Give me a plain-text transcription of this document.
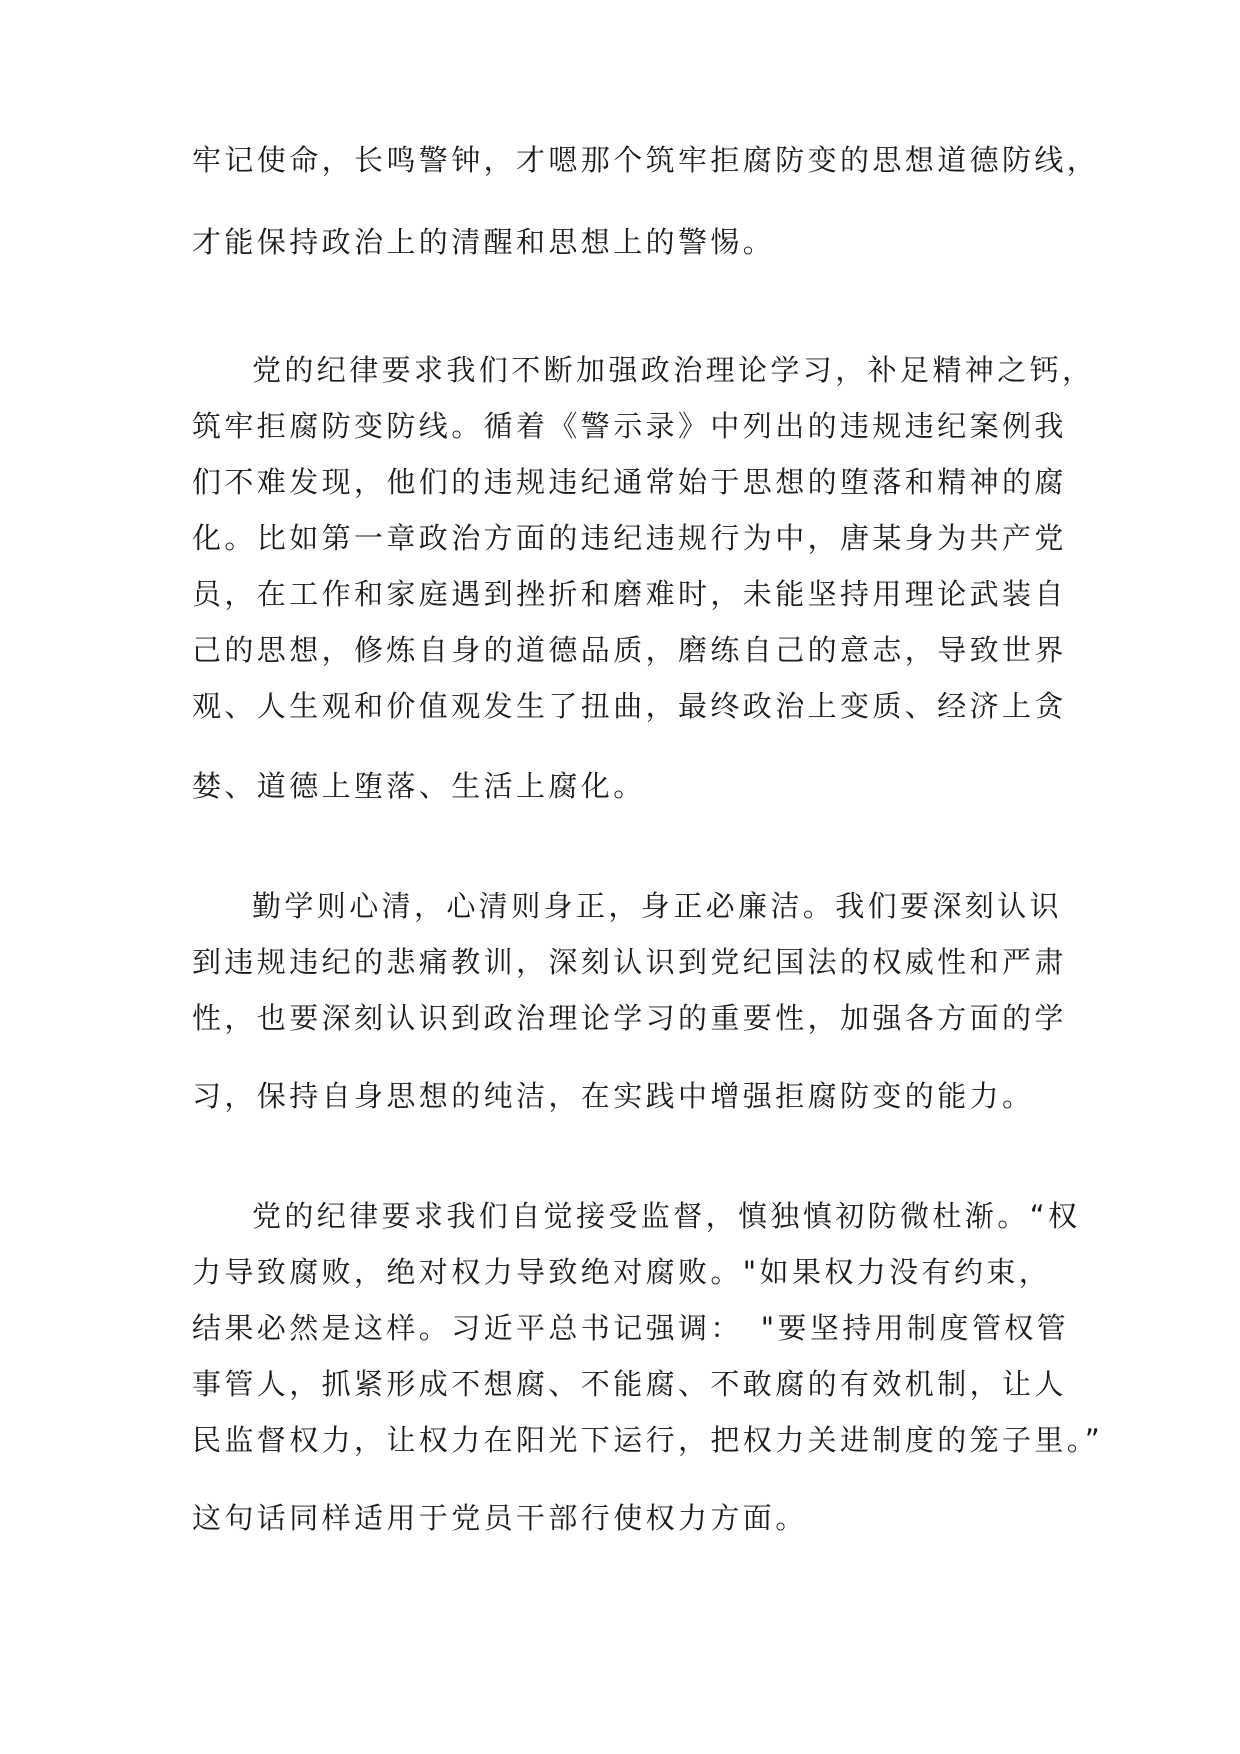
牢记使命，长鸣警钟，才嗯那个筑牢拒腐防变的思想道德防线，

才能保持政治上的清醒和思想上的警惕。

党的纪律要求我们不断加强政治理论学习，补足精神之钙，

筑牢拒腐防变防线。循着《警示录》中列出的违规违纪案例我

们不难发现，他们的违规违纪通常始于思想的堕落和精神的腐

化。比如第一章政治方面的违纪违规行为中，唐某身为共产党

员，在工作和家庭遇到挫折和磨难时，未能坚持用理论武装自

己的思想，修炼自身的道德品质，磨练自己的意志，导致世界

观、人生观和价值观发生了扭曲，最终政治上变质、经济上贪

婪、道德上堕落、生活上腐化。

勤学则心清，心清则身正，身正必廉洁。我们要深刻认识

到违规违纪的悲痛教训，深刻认识到党纪国法的权威性和严肃

性，也要深刻认识到政治理论学习的重要性，加强各方面的学

习，保持自身思想的纯洁，在实践中增强拒腐防变的能力。

党的纪律要求我们自觉接受监督，慎独慎初防微杜渐。“权

力导致腐败，绝对权力导致绝对腐败。"如果权力没有约束，

结果必然是这样。习近平总书记强调：　"要坚持用制度管权管

事管人，抓紧形成不想腐、不能腐、不敢腐的有效机制，让人

民监督权力，让权力在阳光下运行，把权力关进制度的笼子里。”

这句话同样适用于党员干部行使权力方面。
